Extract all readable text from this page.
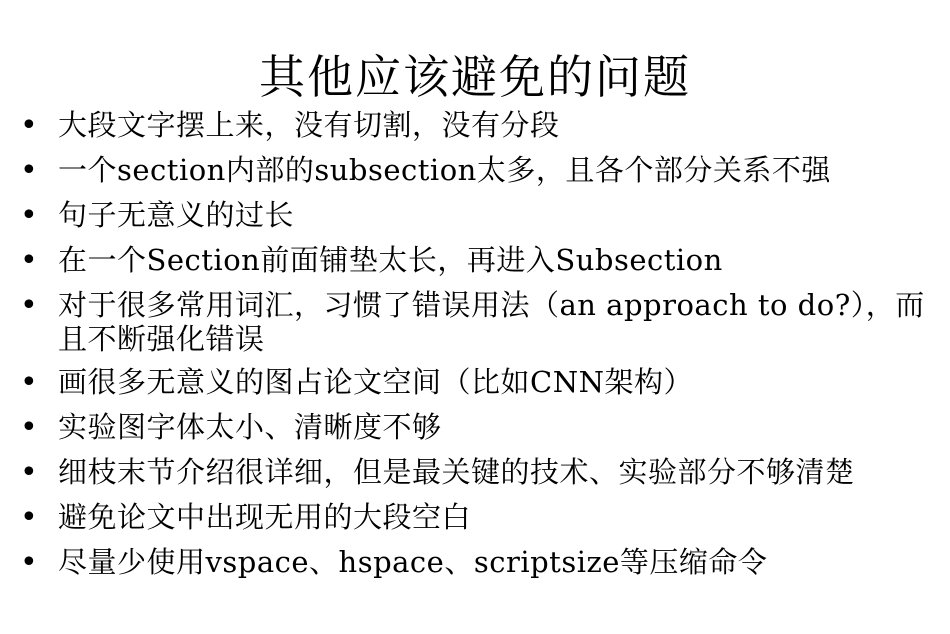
其他应该避免的问题
• 大段文字摆上来，没有切割，没有分段
• 一个section内部的subsection太多，且各个部分关系不强
• 句子无意义的过长
• 在一个Section前面铺垫太长，再进入Subsection
• 对于很多常用词汇，习惯了错误用法（an approach to do?），而且不断强化错误
• 画很多无意义的图占论文空间（比如CNN架构）
• 实验图字体太小、清晰度不够
• 细枝末节介绍很详细，但是最关键的技术、实验部分不够清楚
• 避免论文中出现无用的大段空白
• 尽量少使用vspace、hspace、scriptsize等压缩命令
